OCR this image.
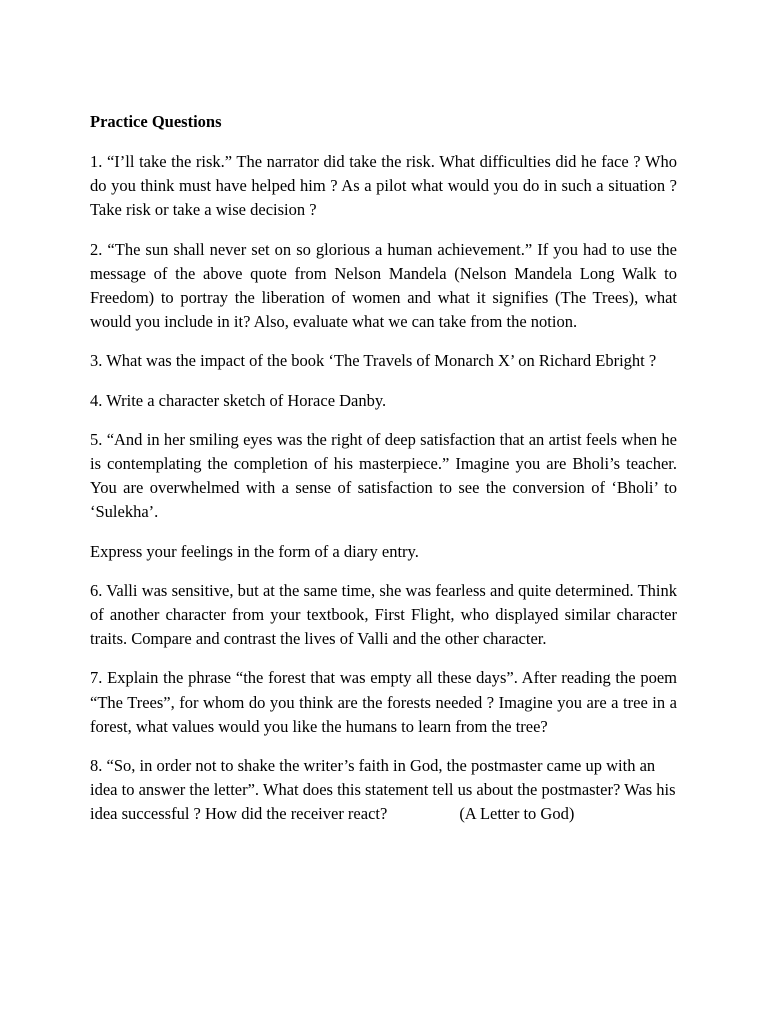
Practice Questions

1. “I’ll take the risk.” The narrator did take the risk. What difficulties did he face ? Who do you think must have helped him ? As a pilot what would you do in such a situation ? Take risk or take a wise decision ?

2. “The sun shall never set on so glorious a human achievement.” If you had to use the message of the above quote from Nelson Mandela (Nelson Mandela Long Walk to Freedom) to portray the liberation of women and what it signifies (The Trees), what would you include in it? Also, evaluate what we can take from the notion.

3. What was the impact of the book ‘The Travels of Monarch X’ on Richard Ebright ?

4. Write a character sketch of Horace Danby.

5. “And in her smiling eyes was the right of deep satisfaction that an artist feels when he is contemplating the completion of his masterpiece.” Imagine you are Bholi’s teacher. You are overwhelmed with a sense of satisfaction to see the conversion of ‘Bholi’ to ‘Sulekha’.

Express your feelings in the form of a diary entry.

6. Valli was sensitive, but at the same time, she was fearless and quite determined. Think of another character from your textbook, First Flight, who displayed similar character traits. Compare and contrast the lives of Valli and the other character.

7. Explain the phrase “the forest that was empty all these days”. After reading the poem “The Trees”, for whom do you think are the forests needed ? Imagine you are a tree in a forest, what values would you like the humans to learn from the tree?

8. “So, in order not to shake the writer’s faith in God, the postmaster came up with an idea to answer the letter”. What does this statement tell us about the postmaster? Was his idea successful ? How did the receiver react?	(A Letter to God)
